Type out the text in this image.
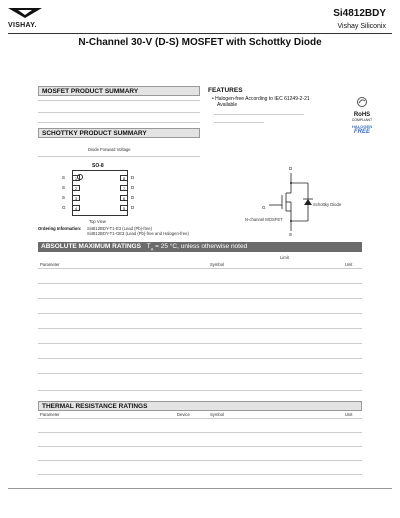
VISHAY.
Si4812BDY
Vishay Siliconix
N-Channel 30-V (D-S) MOSFET with Schottky Diode
MOSFET PRODUCT SUMMARY	FEATURES
• Halogen-free According to IEC 61249-2-21
Available
RoHS
COMPLIANT
HALOGEN
FREE
SCHOTTKY PRODUCT SUMMARY
Diode Forward Voltage
SO-8
S	1
S	2
S	3
G	4
8	D
7	D
6	D
5	D
Top View
Ordering Information: Si4812BDY-T1-E3 (Lead (Pb)-free)
Si4812BDY-T1-GE3 (Lead (Pb)-free and Halogen-free)
D
G
S
N-channel MOSFET
Schottky Diode
ABSOLUTE MAXIMUM RATINGS $T_A = 25$ °C, unless otherwise noted
Parameter	Symbol
Limit
Unit
THERMAL RESISTANCE RATINGS
Parameter	Device	Symbol	Unit
